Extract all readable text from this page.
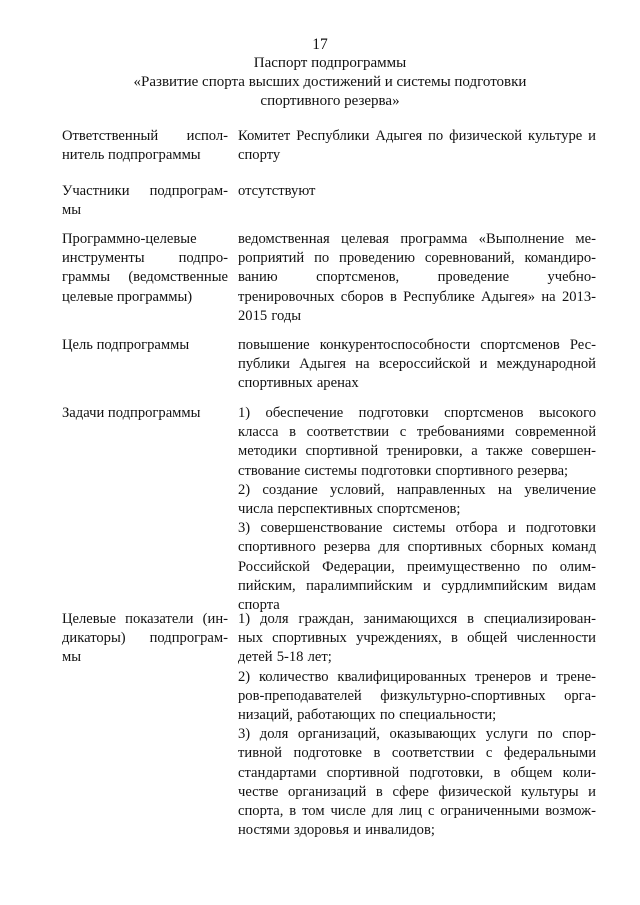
17
Паспорт подпрограммы
«Развитие спорта высших достижений и системы подготовки
спортивного резерва»
Ответственный испол-
нитель подпрограммы
Комитет Республики Адыгея по физической культуре и
спорту
Участники подпрограм-
мы
отсутствуют
Программно-целевые
инструменты подпро-
граммы (ведомственные
целевые программы)
ведомственная целевая программа «Выполнение ме-
роприятий по проведению соревнований, командиро-
ванию спортсменов, проведение учебно-
тренировочных сборов в Республике Адыгея» на 2013-
2015 годы
Цель подпрограммы	повышение конкурентоспособности спортсменов Рес-
публики Адыгея на всероссийской и международной
спортивных аренах
Задачи подпрограммы	1) обеспечение подготовки спортсменов высокого
класса в соответствии с требованиями современной
методики спортивной тренировки, а также совершен-
ствование системы подготовки спортивного резерва;
2) создание условий, направленных на увеличение
числа перспективных спортсменов;
3) совершенствование системы отбора и подготовки
спортивного резерва для спортивных сборных команд
Российской Федерации, преимущественно по олим-
пийским, паралимпийским и сурдлимпийским видам
спорта
Целевые показатели (ин-
дикаторы) подпрограм-
мы
1) доля граждан, занимающихся в специализирован-
ных спортивных учреждениях, в общей численности
детей 5-18 лет;
2) количество квалифицированных тренеров и трене-
ров-преподавателей физкультурно-спортивных орга-
низаций, работающих по специальности;
3) доля организаций, оказывающих услуги по спор-
тивной подготовке в соответствии с федеральными
стандартами спортивной подготовки, в общем коли-
честве организаций в сфере физической культуры и
спорта, в том числе для лиц с ограниченными возмож-
ностями здоровья и инвалидов;
